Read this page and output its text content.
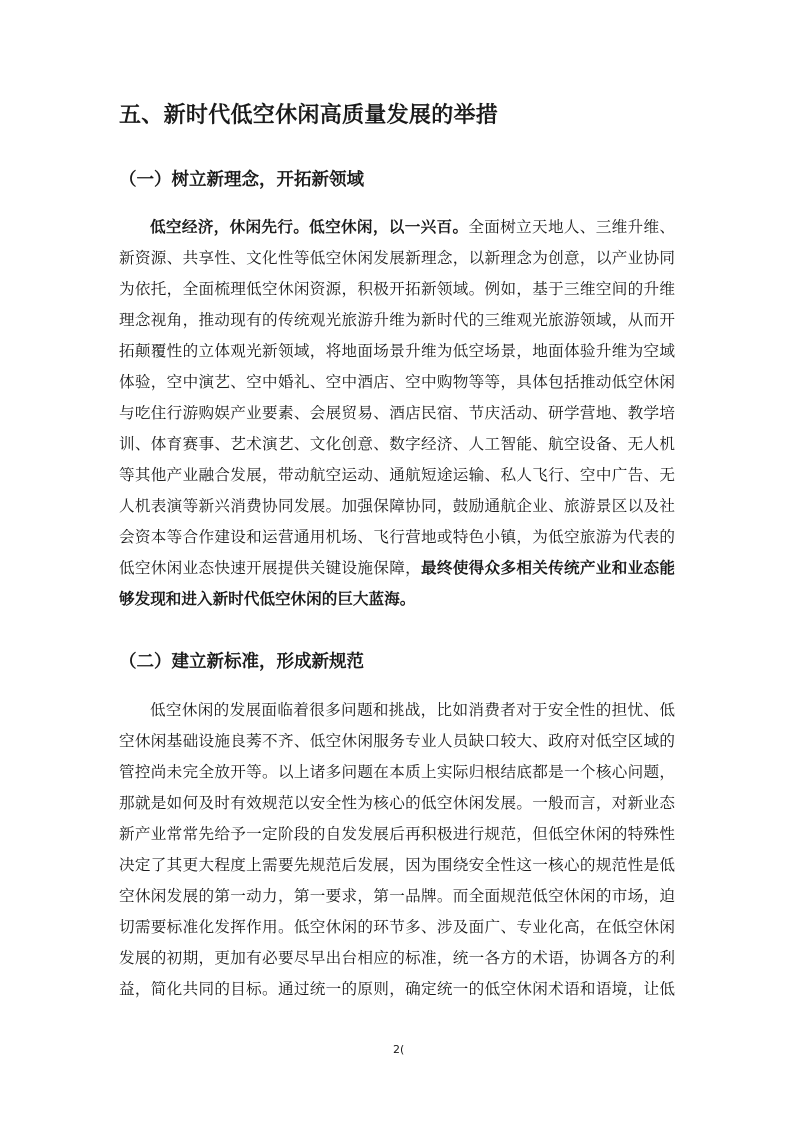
五、新时代低空休闲高质量发展的举措
（一）树立新理念，开拓新领域
低空经济，休闲先行。低空休闲，以一兴百。全面树立天地人、三维升维、
新资源、共享性、文化性等低空休闲发展新理念，以新理念为创意，以产业协同
为依托，全面梳理低空休闲资源，积极开拓新领域。例如，基于三维空间的升维
理念视角，推动现有的传统观光旅游升维为新时代的三维观光旅游领域，从而开
拓颠覆性的立体观光新领域，将地面场景升维为低空场景，地面体验升维为空域
体验，空中演艺、空中婚礼、空中酒店、空中购物等等，具体包括推动低空休闲
与吃住行游购娱产业要素、会展贸易、酒店民宿、节庆活动、研学营地、教学培
训、体育赛事、艺术演艺、文化创意、数字经济、人工智能、航空设备、无人机
等其他产业融合发展，带动航空运动、通航短途运输、私人飞行、空中广告、无
人机表演等新兴消费协同发展。加强保障协同，鼓励通航企业、旅游景区以及社
会资本等合作建设和运营通用机场、飞行营地或特色小镇，为低空旅游为代表的
低空休闲业态快速开展提供关键设施保障，最终使得众多相关传统产业和业态能
够发现和进入新时代低空休闲的巨大蓝海。
（二）建立新标准，形成新规范
低空休闲的发展面临着很多问题和挑战，比如消费者对于安全性的担忧、低
空休闲基础设施良莠不齐、低空休闲服务专业人员缺口较大、政府对低空区域的
管控尚未完全放开等。以上诸多问题在本质上实际归根结底都是一个核心问题，
那就是如何及时有效规范以安全性为核心的低空休闲发展。一般而言，对新业态
新产业常常先给予一定阶段的自发发展后再积极进行规范，但低空休闲的特殊性
决定了其更大程度上需要先规范后发展，因为围绕安全性这一核心的规范性是低
空休闲发展的第一动力，第一要求，第一品牌。而全面规范低空休闲的市场，迫
切需要标准化发挥作用。低空休闲的环节多、涉及面广、专业化高，在低空休闲
发展的初期，更加有必要尽早出台相应的标准，统一各方的术语，协调各方的利
益，简化共同的目标。通过统一的原则，确定统一的低空休闲术语和语境，让低
2(
